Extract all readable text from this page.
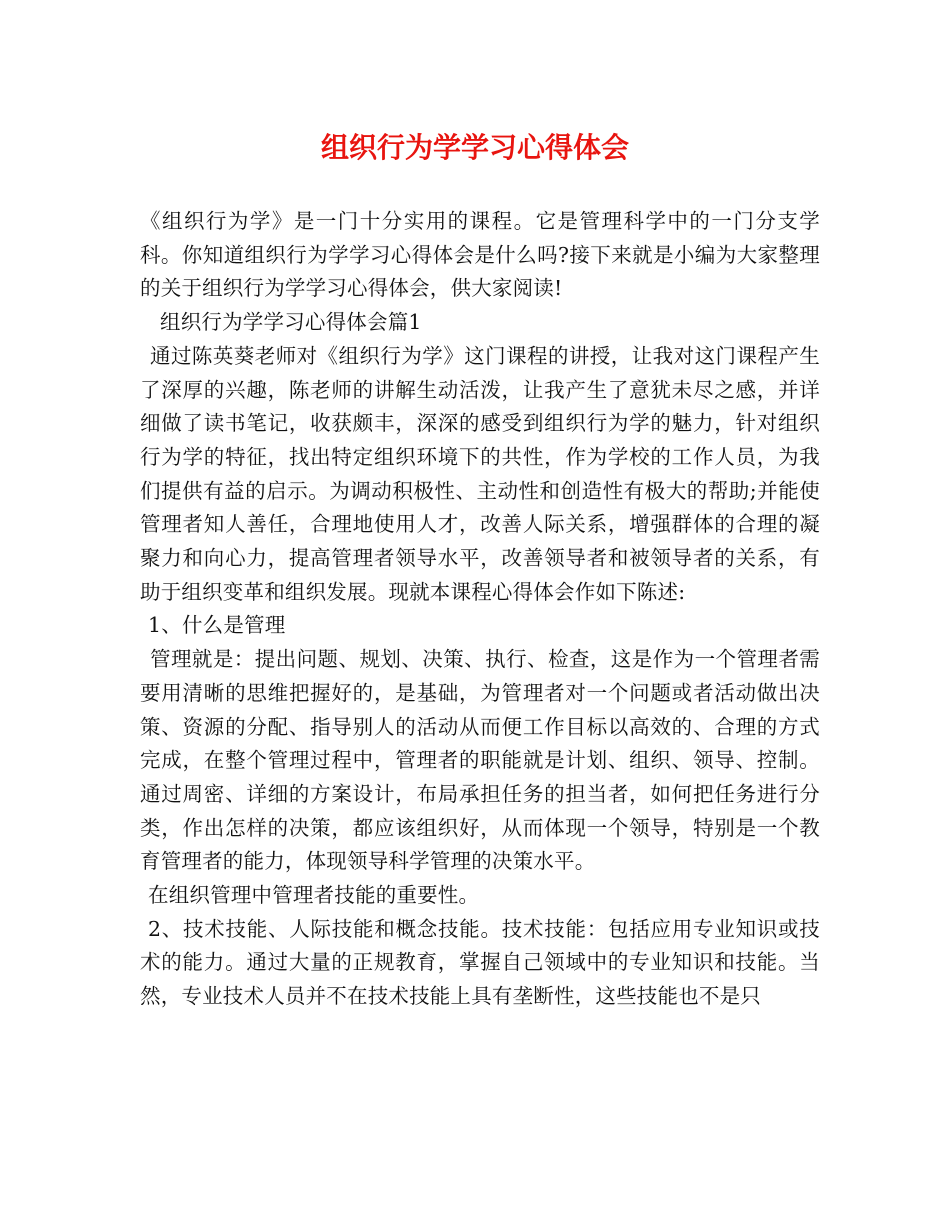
组织行为学学习心得体会

《组织行为学》是一门十分实用的课程。它是管理科学中的一门分支学科。你知道组织行为学学习心得体会是什么吗?接下来就是小编为大家整理的关于组织行为学学习心得体会，供大家阅读!

组织行为学学习心得体会篇1

通过陈英葵老师对《组织行为学》这门课程的讲授，让我对这门课程产生了深厚的兴趣，陈老师的讲解生动活泼，让我产生了意犹未尽之感，并详细做了读书笔记，收获颇丰，深深的感受到组织行为学的魅力，针对组织行为学的特征，找出特定组织环境下的共性，作为学校的工作人员，为我们提供有益的启示。为调动积极性、主动性和创造性有极大的帮助;并能使管理者知人善任，合理地使用人才，改善人际关系，增强群体的合理的凝聚力和向心力，提高管理者领导水平，改善领导者和被领导者的关系，有助于组织变革和组织发展。现就本课程心得体会作如下陈述:

1、什么是管理

管理就是：提出问题、规划、决策、执行、检查，这是作为一个管理者需要用清晰的思维把握好的，是基础，为管理者对一个问题或者活动做出决策、资源的分配、指导别人的活动从而便工作目标以高效的、合理的方式完成，在整个管理过程中，管理者的职能就是计划、组织、领导、控制。通过周密、详细的方案设计，布局承担任务的担当者，如何把任务进行分类，作出怎样的决策，都应该组织好，从而体现一个领导，特别是一个教育管理者的能力，体现领导科学管理的决策水平。

在组织管理中管理者技能的重要性。

2、技术技能、人际技能和概念技能。技术技能：包括应用专业知识或技术的能力。通过大量的正规教育，掌握自己领域中的专业知识和技能。当然，专业技术人员并不在技术技能上具有垄断性，这些技能也不是只
